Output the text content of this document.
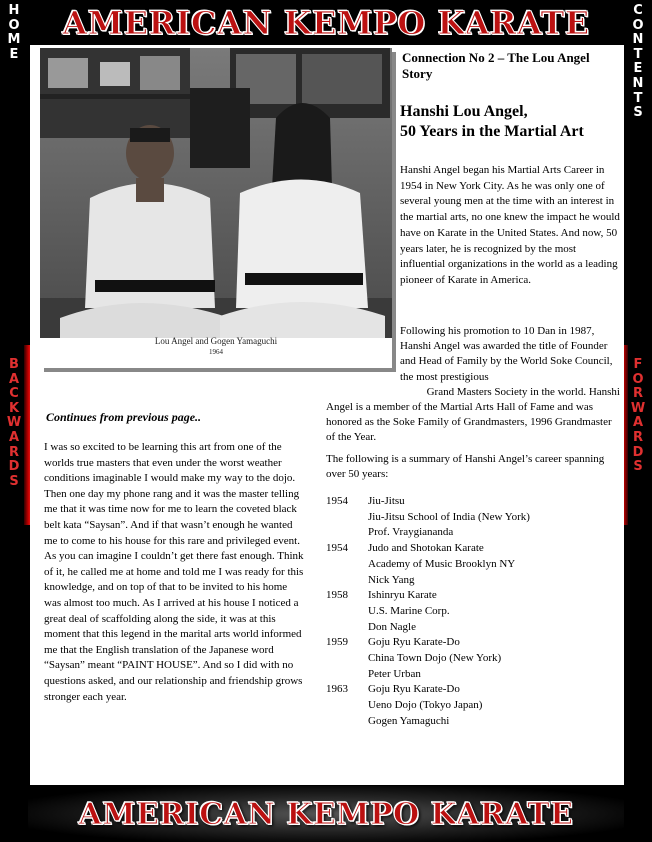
H
O
M
E
C
O
N
T
E
N
T
S
B
A
C
K
W
A
R
D
S
F
O
R
W
A
R
D
S
AMERICAN KEMPO KARATE
Lou Angel and Gogen Yamaguchi
1964
Connection No 2 – The Lou Angel Story
Hanshi Lou Angel,
50 Years in the Martial Art
Hanshi Angel began his Martial Arts Career in 1954 in New York City. As he was only one of several young men at the time with an interest in the martial arts, no one knew the impact he would have on Karate in the United States. And now, 50 years later, he is recognized by the most influential organizations in the world as a leading pioneer of Karate in America.
Following his promotion to 10 Dan in 1987, Hanshi Angel was awarded the title of Founder and Head of Family by the World Soke Council, the most prestigious
Grand Masters Society in the world. Hanshi
Angel is a member of the Martial Arts Hall of Fame and was honored as the Soke Family of Grandmasters, 1996 Grandmaster of the Year.
The following is a summary of Hanshi Angel’s career spanning over 50 years:
1954	Jiu-Jitsu
Jiu-Jitsu School of India (New York)
Prof. Vraygiananda
1954	Judo and Shotokan Karate
Academy of Music Brooklyn NY
Nick Yang
1958	Ishinryu Karate
U.S. Marine Corp.
Don Nagle
1959	Goju Ryu Karate-Do
China Town Dojo (New York)
Peter Urban
1963	Goju Ryu Karate-Do
Ueno Dojo (Tokyo Japan)
Gogen Yamaguchi
Continues from previous page..
I was so excited to be learning this art from one of the worlds true masters that even under the worst weather conditions imaginable I would make my way to the dojo. Then one day my phone rang and it was the master telling me that it was time now for me to learn the coveted black belt kata “Saysan”. And if that wasn’t enough he wanted me to come to his house for this rare and privileged event. As you can imagine I couldn’t get there fast enough. Think of it, he called me at home and told me I was ready for this knowledge, and on top of that to be invited to his home was almost too much. As I arrived at his house I noticed a great deal of scaffolding along the side, it was at this moment that this legend in the marital arts world informed me that the English translation of the Japanese word “Saysan” meant “PAINT HOUSE”. And so I did with no questions asked, and our relationship and friendship grows stronger each year.
AMERICAN KEMPO KARATE
